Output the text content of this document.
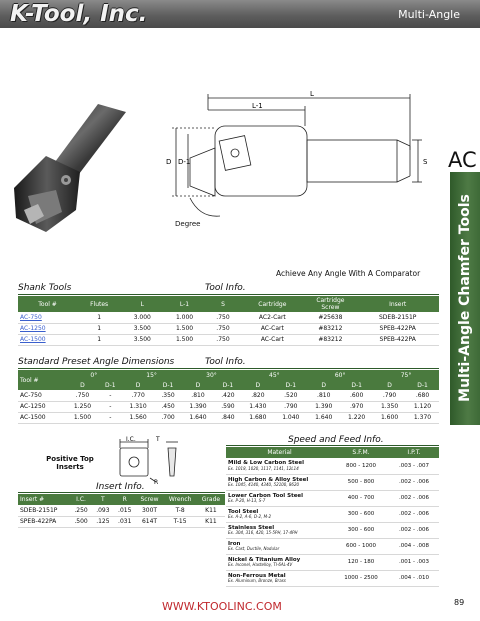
K-Tool, Inc.	Multi-Angle
AC
Multi-Angle Chamfer Tools
L
L-1
D D-1	S
Degree
Achieve Any Angle With A Comparator
Shank Tools	Tool Info.
Tool #	Flutes	L	L-1	S	Cartridge	Cartridge Screw	Insert
AC-750	1	3.000	1.000	.750	AC2-Cart	#25638	SDEB-2151P
AC-1250	1	3.500	1.500	.750	AC-Cart	#83212	SPEB-422PA
AC-1500	1	3.500	1.500	.750	AC-Cart	#83212	SPEB-422PA
Standard Preset Angle Dimensions	Tool Info.
Tool #	0°		15°		30°		45°		60°		75°	
	D	D-1	D	D-1	D	D-1	D	D-1	D	D-1	D	D-1
AC-750	.750	-	.770	.350	.810	.420	.820	.520	.810	.600	.790	.680
AC-1250	1.250	-	1.310	.450	1.390	.590	1.430	.790	1.390	.970	1.350	1.120
AC-1500	1.500	-	1.560	.700	1.640	.840	1.680	1.040	1.640	1.220	1.600	1.370
Positive Top Inserts
I.C.	T
R
Insert Info.
Insert #	I.C.	T	R	Screw	Wrench	Grade
SDEB-2151P	.250	.093	.015	300T	T-8	K11
SPEB-422PA	.500	.125	.031	614T	T-15	K11
Speed and Feed Info.
Material	S.F.M.	I.P.T.

Mild & Low Carbon Steel
Ex. 1018, 1020, 1117, 1141, 12L14	800 - 1200	.003 - .007

High Carbon & Alloy Steel
Ex. 1045, 4140, 4340, 52100, 8620	500 - 800	.002 - .006

Lower Carbon Tool Steel
Ex. P-20, H-13, S-7	400 - 700	.002 - .006

Tool Steel
Ex. A-2, A-6, D-2, M-2	300 - 600	.002 - .006

Stainless Steel
Ex. 304, 316, 420, 15-5PH, 17-4PH	300 - 600	.002 - .006

Iron
Ex. Cast, Ductile, Nodular	600 - 1000	.004 - .008

Nickel & Titanium Alloy
Ex. Inconel, Hastelloy, TI-6AL-4V	120 - 180	.001 - .003

Non-Ferrous Metal
Ex. Aluminum, Bronze, Brass	1000 - 2500	.004 - .010
WWW.KTOOLINC.COM	89
